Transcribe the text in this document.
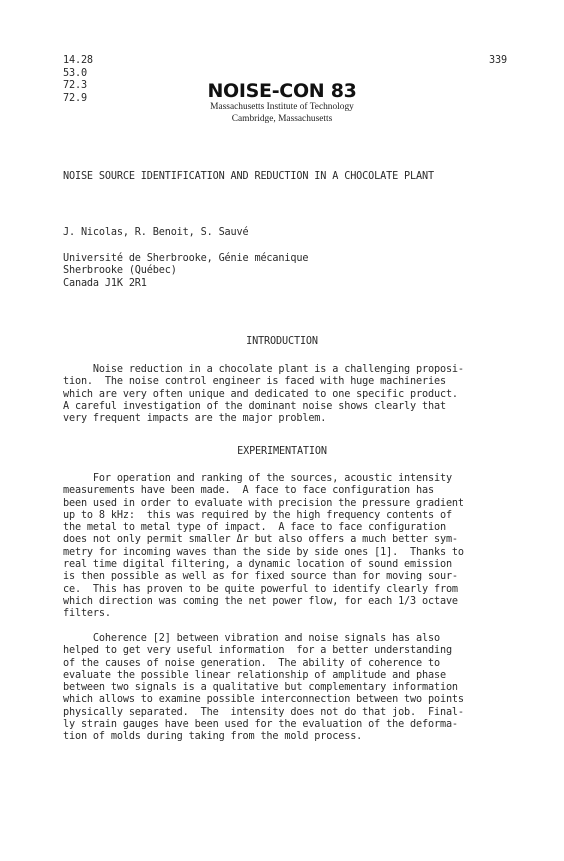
14.28
53.0
72.3
72.9
339
NOISE-CON 83
Massachusetts Institute of Technology
Cambridge, Massachusetts
NOISE SOURCE IDENTIFICATION AND REDUCTION IN A CHOCOLATE PLANT
J. Nicolas, R. Benoit, S. Sauvé
Université de Sherbrooke, Génie mécanique
Sherbrooke (Québec)
Canada J1K 2R1
INTRODUCTION
Noise reduction in a chocolate plant is a challenging proposi-
tion.  The noise control engineer is faced with huge machineries
which are very often unique and dedicated to one specific product.
A careful investigation of the dominant noise shows clearly that
very frequent impacts are the major problem.
EXPERIMENTATION
For operation and ranking of the sources, acoustic intensity
measurements have been made.  A face to face configuration has
been used in order to evaluate with precision the pressure gradient
up to 8 kHz:  this was required by the high frequency contents of
the metal to metal type of impact.  A face to face configuration
does not only permit smaller Δr but also offers a much better sym-
metry for incoming waves than the side by side ones [1].  Thanks to
real time digital filtering, a dynamic location of sound emission
is then possible as well as for fixed source than for moving sour-
ce.  This has proven to be quite powerful to identify clearly from
which direction was coming the net power flow, for each 1/3 octave
filters.
Coherence [2] between vibration and noise signals has also
helped to get very useful information  for a better understanding
of the causes of noise generation.  The ability of coherence to
evaluate the possible linear relationship of amplitude and phase
between two signals is a qualitative but complementary information
which allows to examine possible interconnection between two points
physically separated.  The  intensity does not do that job.  Final-
ly strain gauges have been used for the evaluation of the deforma-
tion of molds during taking from the mold process.
